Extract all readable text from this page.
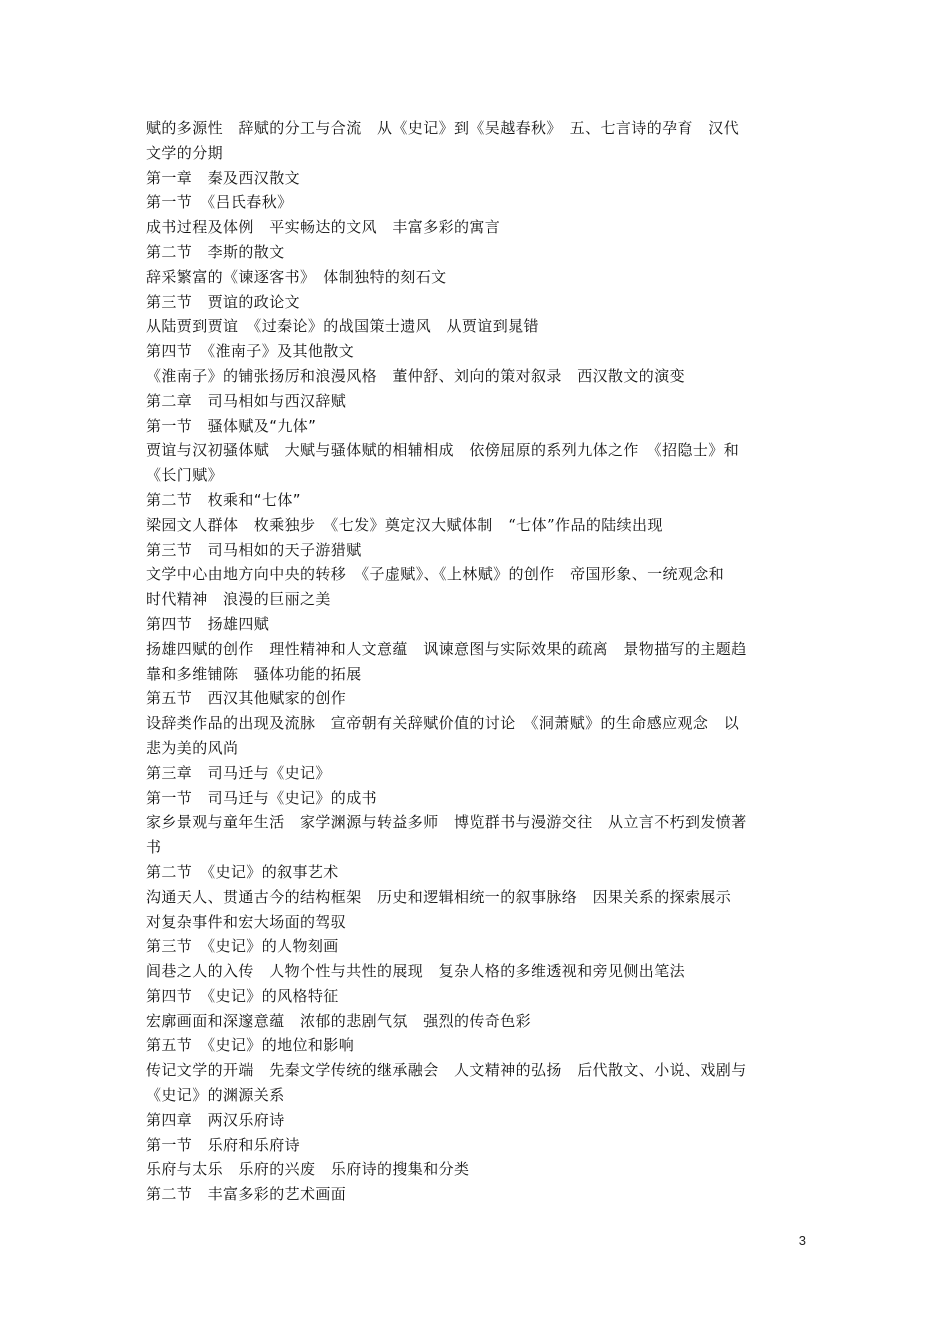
赋的多源性　辞赋的分工与合流　从《史记》到《吴越春秋》　五、七言诗的孕育　汉代
文学的分期
第一章　秦及西汉散文
第一节　《吕氏春秋》
成书过程及体例　平实畅达的文风　丰富多彩的寓言
第二节　李斯的散文
辞采繁富的《谏逐客书》　体制独特的刻石文
第三节　贾谊的政论文
从陆贾到贾谊　《过秦论》的战国策士遗风　从贾谊到晁错
第四节　《淮南子》及其他散文
《淮南子》的铺张扬厉和浪漫风格　董仲舒、刘向的策对叙录　西汉散文的演变
第二章　司马相如与西汉辞赋
第一节　骚体赋及“九体”
贾谊与汉初骚体赋　大赋与骚体赋的相辅相成　依傍屈原的系列九体之作　《招隐士》和
《长门赋》
第二节　枚乘和“七体”
梁园文人群体　枚乘独步　《七发》奠定汉大赋体制　“七体”作品的陆续出现
第三节　司马相如的天子游猎赋
文学中心由地方向中央的转移　《子虚赋》、《上林赋》的创作　帝国形象、一统观念和
时代精神　浪漫的巨丽之美
第四节　扬雄四赋
扬雄四赋的创作　理性精神和人文意蕴　讽谏意图与实际效果的疏离　景物描写的主题趋
靠和多维铺陈　骚体功能的拓展
第五节　西汉其他赋家的创作
设辞类作品的出现及流脉　宣帝朝有关辞赋价值的讨论　《洞萧赋》的生命感应观念　以
悲为美的风尚
第三章　司马迁与《史记》
第一节　司马迁与《史记》的成书
家乡景观与童年生活　家学渊源与转益多师　博览群书与漫游交往　从立言不朽到发愤著
书
第二节　《史记》的叙事艺术
沟通天人、贯通古今的结构框架　历史和逻辑相统一的叙事脉络　因果关系的探索展示
对复杂事件和宏大场面的驾驭
第三节　《史记》的人物刻画
闾巷之人的入传　人物个性与共性的展现　复杂人格的多维透视和旁见侧出笔法
第四节　《史记》的风格特征
宏廓画面和深邃意蕴　浓郁的悲剧气氛　强烈的传奇色彩
第五节　《史记》的地位和影响
传记文学的开端　先秦文学传统的继承融会　人文精神的弘扬　后代散文、小说、戏剧与
《史记》的渊源关系
第四章　两汉乐府诗
第一节　乐府和乐府诗
乐府与太乐　乐府的兴废　乐府诗的搜集和分类
第二节　丰富多彩的艺术画面
3
